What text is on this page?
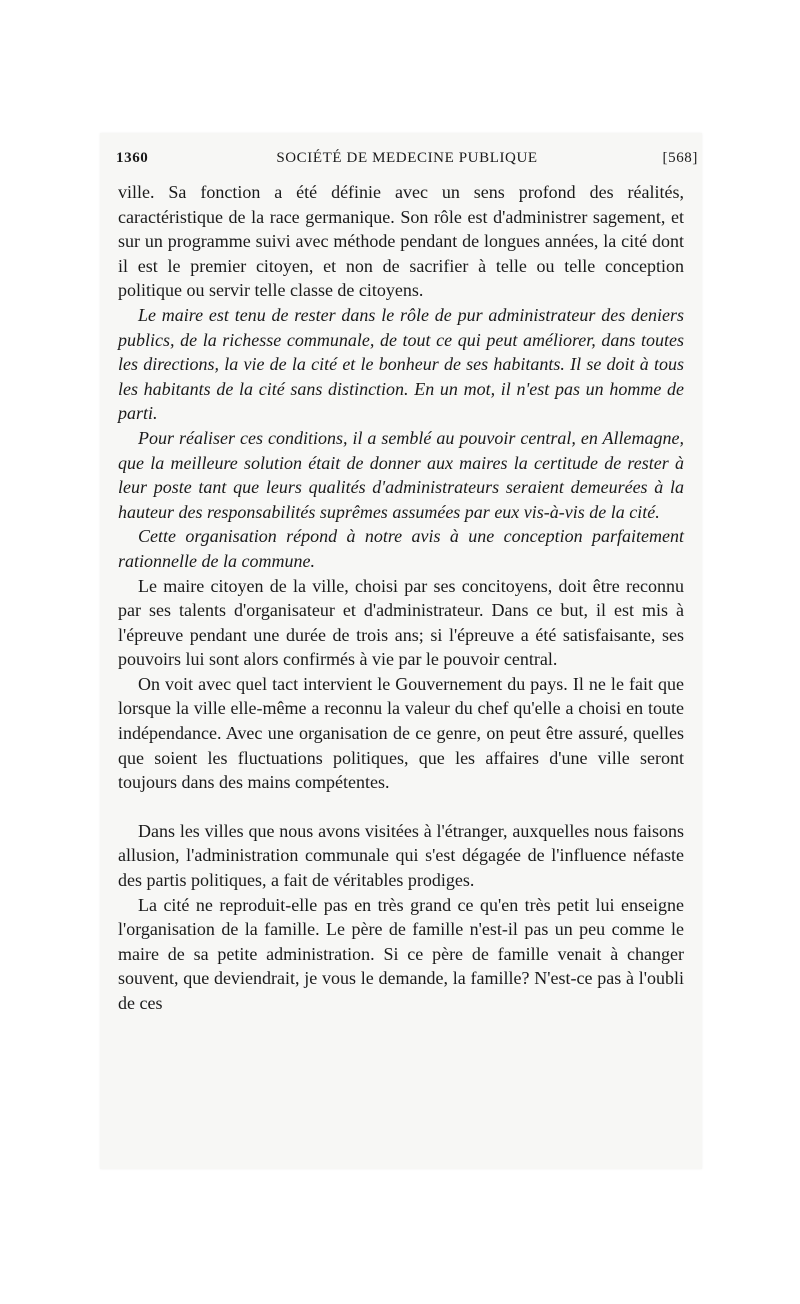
1360	SOCIÉTÉ DE MEDECINE PUBLIQUE	[568]

ville. Sa fonction a été définie avec un sens profond des réalités, caractéristique de la race germanique. Son rôle est d'administrer sagement, et sur un programme suivi avec méthode pendant de longues années, la cité dont il est le premier citoyen, et non de sacrifier à telle ou telle conception politique ou servir telle classe de citoyens.

Le maire est tenu de rester dans le rôle de pur administrateur des deniers publics, de la richesse communale, de tout ce qui peut améliorer, dans toutes les directions, la vie de la cité et le bonheur de ses habitants. Il se doit à tous les habitants de la cité sans distinction. En un mot, il n'est pas un homme de parti.

Pour réaliser ces conditions, il a semblé au pouvoir central, en Allemagne, que la meilleure solution était de donner aux maires la certitude de rester à leur poste tant que leurs qualités d'administrateurs seraient demeurées à la hauteur des responsabilités suprêmes assumées par eux vis-à-vis de la cité.

Cette organisation répond à notre avis à une conception parfaitement rationnelle de la commune.

Le maire citoyen de la ville, choisi par ses concitoyens, doit être reconnu par ses talents d'organisateur et d'administrateur. Dans ce but, il est mis à l'épreuve pendant une durée de trois ans; si l'épreuve a été satisfaisante, ses pouvoirs lui sont alors confirmés à vie par le pouvoir central.

On voit avec quel tact intervient le Gouvernement du pays. Il ne le fait que lorsque la ville elle-même a reconnu la valeur du chef qu'elle a choisi en toute indépendance. Avec une organisation de ce genre, on peut être assuré, quelles que soient les fluctuations politiques, que les affaires d'une ville seront toujours dans des mains compétentes.

Dans les villes que nous avons visitées à l'étranger, auxquelles nous faisons allusion, l'administration communale qui s'est dégagée de l'influence néfaste des partis politiques, a fait de véritables prodiges.

La cité ne reproduit-elle pas en très grand ce qu'en très petit lui enseigne l'organisation de la famille. Le père de famille n'est-il pas un peu comme le maire de sa petite administration. Si ce père de famille venait à changer souvent, que deviendrait, je vous le demande, la famille? N'est-ce pas à l'oubli de ces
